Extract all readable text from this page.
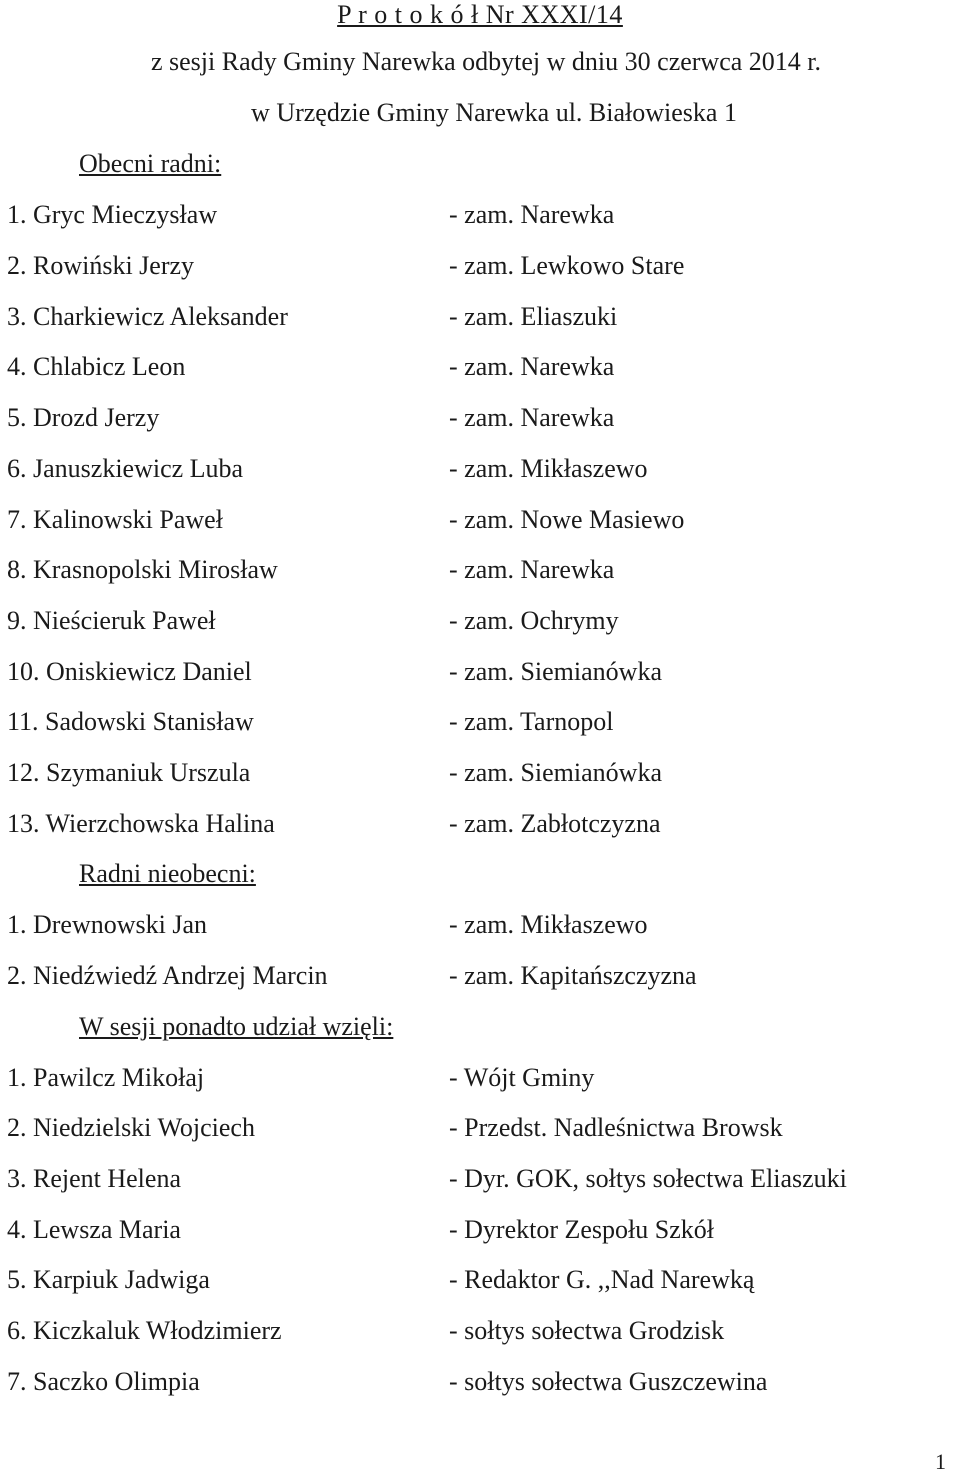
P r o t o k ó ł Nr XXXI/14
z sesji Rady Gminy Narewka odbytej w dniu 30 czerwca 2014 r.
w Urzędzie Gminy Narewka ul. Białowieska 1
Obecni radni:
1. Gryc Mieczysław	- zam. Narewka
2. Rowiński Jerzy	- zam. Lewkowo Stare
3. Charkiewicz Aleksander	- zam. Eliaszuki
4. Chlabicz Leon	- zam. Narewka
5. Drozd Jerzy	- zam. Narewka
6. Januszkiewicz Luba	- zam. Mikłaszewo
7. Kalinowski Paweł	- zam. Nowe Masiewo
8. Krasnopolski Mirosław	- zam. Narewka
9. Nieścieruk Paweł	- zam. Ochrymy
10. Oniskiewicz Daniel	- zam. Siemianówka
11. Sadowski Stanisław	- zam. Tarnopol
12. Szymaniuk Urszula	- zam. Siemianówka
13. Wierzchowska Halina	- zam. Zabłotczyzna
Radni nieobecni:
1. Drewnowski Jan	- zam. Mikłaszewo
2. Niedźwiedź Andrzej Marcin	- zam. Kapitańszczyzna
W sesji ponadto udział wzięli:
1. Pawilcz Mikołaj	- Wójt Gminy
2. Niedzielski Wojciech	- Przedst. Nadleśnictwa Browsk
3. Rejent Helena	- Dyr. GOK, sołtys sołectwa Eliaszuki
4. Lewsza Maria	- Dyrektor Zespołu Szkół
5. Karpiuk Jadwiga	- Redaktor G. ,,Nad Narewką
6. Kiczkaluk Włodzimierz	- sołtys sołectwa Grodzisk
7. Saczko Olimpia	- sołtys sołectwa Guszczewina
1
